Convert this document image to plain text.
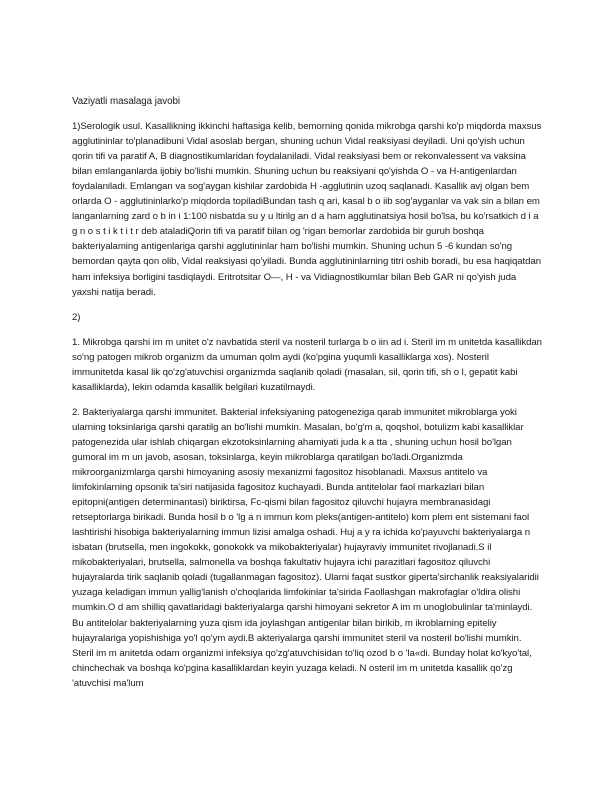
Vaziyatli masalaga javobi

1)Serologik usul. Kasallikning ikkinchi haftasiga kelib, bemorning qonida mikrobga qarshi ko'p miqdorda maxsus agglutininlar to'planadibuni Vidal asoslab bergan, shuning uchun Vidal reaksiyasi deyiladi. Uni qo'yish uchun qorin tifi va paratif A, B diagnostikumlaridan foydalaniladi. Vidal reaksiyasi bem or rekonvalessent va vaksina bilan emlanganlarda ijobiy bo'lishi mumkin. Shuning uchun bu reaksiyani qo'yishda O - va H-antigenlardan foydalaniladi. Emlangan va sog'aygan kishilar zardobida H -agglutinin uzoq saqlanadi. Kasallik avj olgan bem orlarda O - agglutininlarko'p miqdorda topiladiBundan tash q ari, kasal b o iib sog'ayganlar va vak sin a bilan em langanlarning zard o b in i 1:100 nisbatda su y u ltirilg an d a ham agglutinatsiya hosil bo'lsa, bu ko'rsatkich d i a g n o s t i k t i t r deb ataladiQorin tifi va paratif bilan og 'rigan bemorlar zardobida bir guruh boshqa bakteriyalaming antigenlariga qarshi agglutininlar ham bo'lishi mumkin. Shuning uchun 5 -6 kundan so'ng bemordan qayta qon olib, Vidal reaksiyasi qo'yiladi. Bunda agglutininlarning titri oshib boradi, bu esa haqiqatdan ham infeksiya borligini tasdiqlaydi. Eritrotsitar O—, H - va Vidiagnostikumlar bilan Beb GAR ni qo'yish juda yaxshi natija beradi.

2)

1. Mikrobga qarshi im m unitet o'z navbatida steril va nosteril turlarga b o iin ad i. Steril im m unitetda kasallikdan so'ng patogen mikrob organizm da umuman qolm aydi (ko'pgina yuqumli kasalliklarga xos). Nosteril immunitetda kasal lik qo'zg'atuvchisi organizmda saqlanib qoladi (masalan, sil, qorin tifi, sh o l, gepatit kabi kasalliklarda), lekin odamda kasallik belgilari kuzatilmaydi.

2. Bakteriyalarga qarshi immunitet. Bakterial infeksiyaning patogeneziga qarab immunitet mikroblarga yoki ularning toksinlariga qarshi qaratilg an bo'lishi mumkin. Masalan, bo'g'm a, qoqshol, botulizm kabi kasalliklar patogenezida ular ishlab chiqargan ekzotoksinlarning ahamiyati juda k a tta , shuning uchun hosil bo'lgan gumoral im m un javob, asosan, toksinlarga, keyin mikroblarga qaratilgan bo'ladi.Organizmda mikroorganizmlarga qarshi himoyaning asosiy mexanizmi fagositoz hisoblanadi. Maxsus antitelo va limfokinlarning opsonik ta'siri natijasida fagositoz kuchayadi. Bunda antitelolar faol markazlari bilan epitopni(antigen determinantasi) biriktirsa, Fc-qismi bilan fagositoz qiluvchi hujayra membranasidagi retseptorlarga birikadi. Bunda hosil b o 'lg a n immun kom pleks(antigen-antitelo) kom plem ent sistemani faol lashtirishi hisobiga bakteriyalarning immun lizisi amalga oshadi. Huj a y ra ichida ko'payuvchi bakteriyalarga n isbatan (brutsella, men ingokokk, gonokokk va mikobakteriyalar) hujayraviy immunitet rivojlanadi.S il mikobakteriyalari, brutsella, salmonella va boshqa fakultativ hujayra ichi parazitlari fagositoz qiluvchi hujayralarda tirik saqlanib qoladi (tugallanmagan fagositoz). Ularni faqat sustkor giperta'sirchanlik reaksiyalaridii yuzaga keladigan immun yallig'lanish o'choqlarida limfokinlar ta'sirida Faollashgan makrofaglar o'ldira olishi mumkin.O d am shilliq qavatlaridagi bakteriyalarga qarshi himoyani sekretor A im m unoglobulinlar ta'minlaydi. Bu antitelolar bakteriyalarning yuza qism ida joylashgan antigenlar bilan birikib, m ikroblarning epiteliy hujayralariga yopishishiga yo'l qo'ym aydi.B akteriyalarga qarshi immunitet steril va nosteril bo'lishi mumkin. Steril im m anitetda odam organizmi infeksiya qo'zg'atuvchisidan to'liq ozod b o 'la«di. Bunday holat ko'kyo'tal, chinchechak va boshqa ko'pgina kasalliklardan keyin yuzaga keladi. N osteril im m unitetda kasallik qo'zg 'atuvchisi ma'lum
